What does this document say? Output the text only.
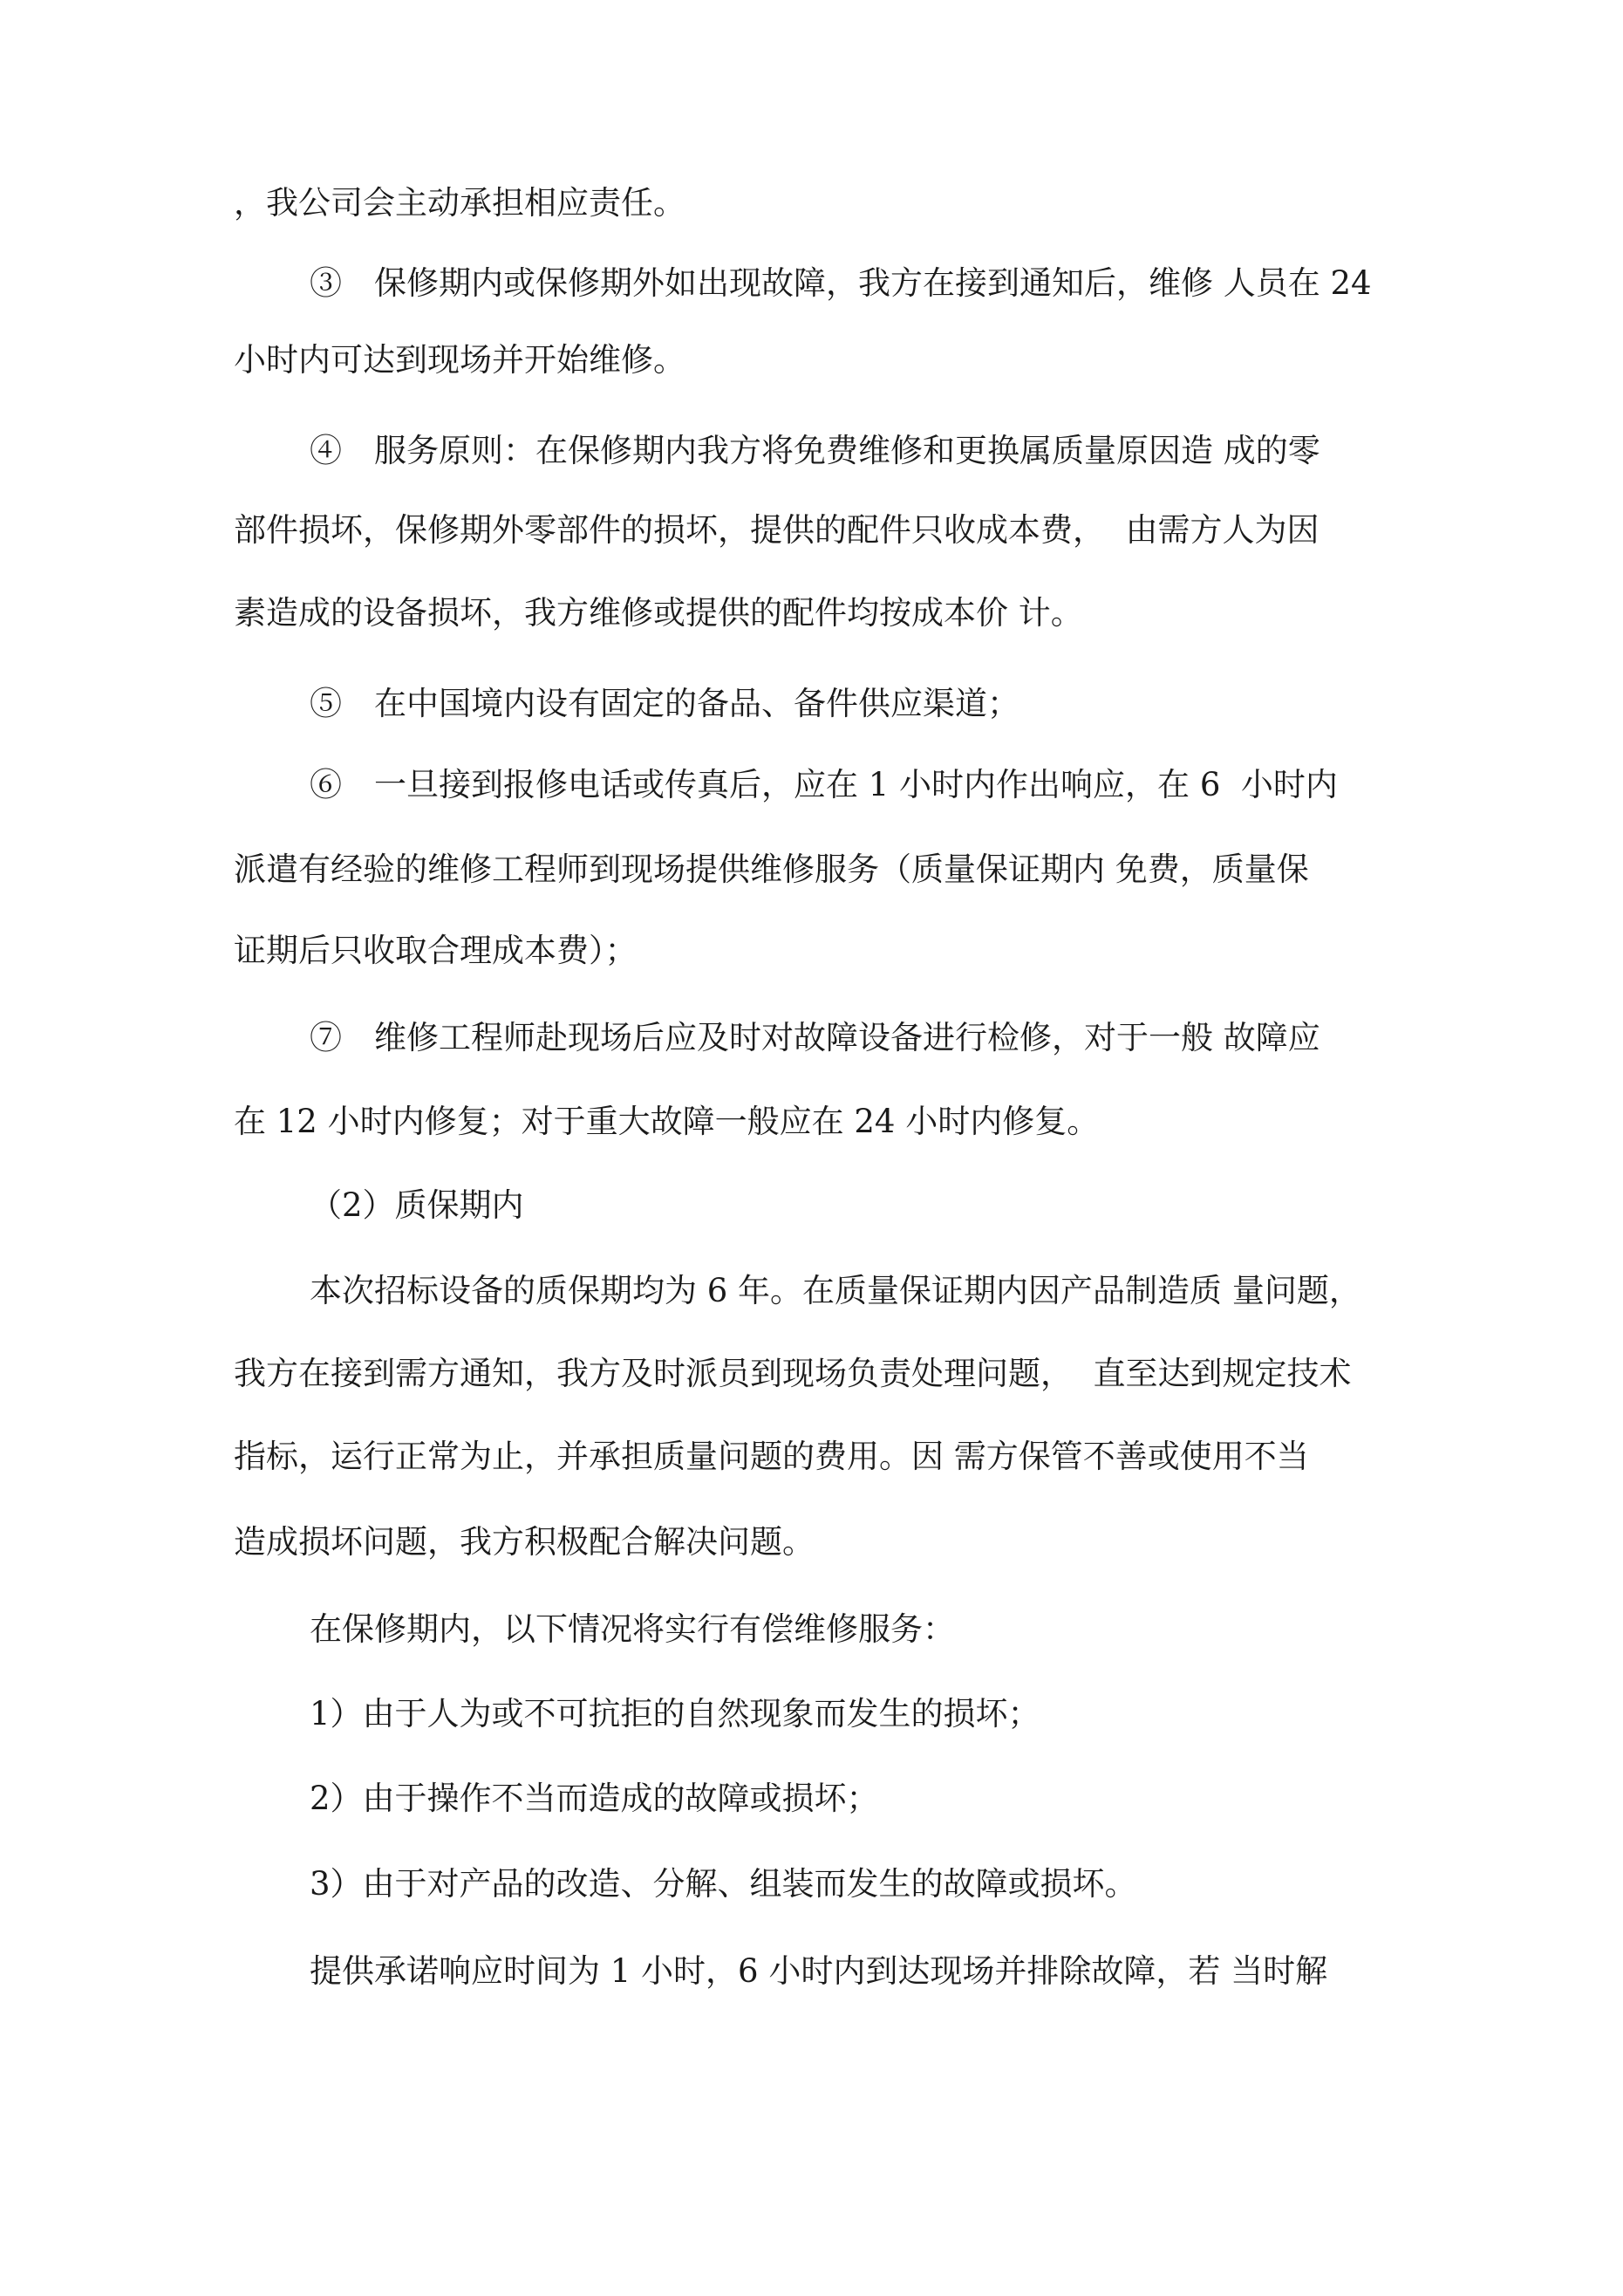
，我公司会主动承担相应责任。
③　保修期内或保修期外如出现故障，我方在接到通知后，维修 人员在 24
小时内可达到现场并开始维修。
④　服务原则：在保修期内我方将免费维修和更换属质量原因造 成的零
部件损坏，保修期外零部件的损坏，提供的配件只收成本费，  由需方人为因
素造成的设备损坏，我方维修或提供的配件均按成本价 计。
⑤　在中国境内设有固定的备品、备件供应渠道；
⑥　一旦接到报修电话或传真后，应在 1 小时内作出响应，在 6  小时内
派遣有经验的维修工程师到现场提供维修服务（质量保证期内 免费，质量保
证期后只收取合理成本费）；
⑦　维修工程师赴现场后应及时对故障设备进行检修，对于一般 故障应
在 12 小时内修复；对于重大故障一般应在 24 小时内修复。
（2）质保期内
本次招标设备的质保期均为 6 年。在质量保证期内因产品制造质 量问题，
我方在接到需方通知，我方及时派员到现场负责处理问题，  直至达到规定技术
指标，运行正常为止，并承担质量问题的费用。因 需方保管不善或使用不当
造成损坏问题，我方积极配合解决问题。
在保修期内，以下情况将实行有偿维修服务：
1）由于人为或不可抗拒的自然现象而发生的损坏；
2）由于操作不当而造成的故障或损坏；
3）由于对产品的改造、分解、组装而发生的故障或损坏。
提供承诺响应时间为 1 小时，6 小时内到达现场并排除故障，若 当时解
